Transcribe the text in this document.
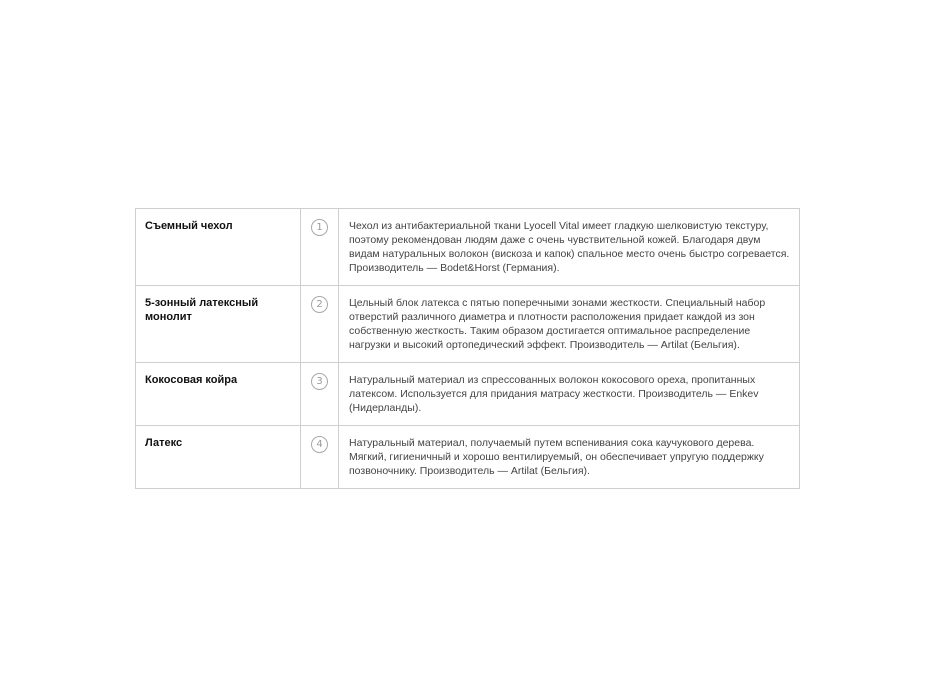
Съемный чехол	1	Чехол из антибактериальной ткани Lyocell Vital имеет гладкую шелковистую текстуру, поэтому рекомендован людям даже с очень чувствительной кожей. Благодаря двум видам натуральных волокон (вискоза и капок) спальное место очень быстро согревается. Производитель — Bodet&Horst (Германия).
5-зонный латексный монолит	2	Цельный блок латекса с пятью поперечными зонами жесткости. Специальный набор отверстий различного диаметра и плотности расположения придает каждой из зон собственную жесткость. Таким образом достигается оптимальное распределение нагрузки и высокий ортопедический эффект. Производитель — Artilat (Бельгия).
Кокосовая койра	3	Натуральный материал из спрессованных волокон кокосового ореха, пропитанных латексом. Используется для придания матрасу жесткости. Производитель — Enkev (Нидерланды).
Латекс	4	Натуральный материал, получаемый путем вспенивания сока каучукового дерева. Мягкий, гигиеничный и хорошо вентилируемый, он обеспечивает упругую поддержку позвоночнику. Производитель — Artilat (Бельгия).
